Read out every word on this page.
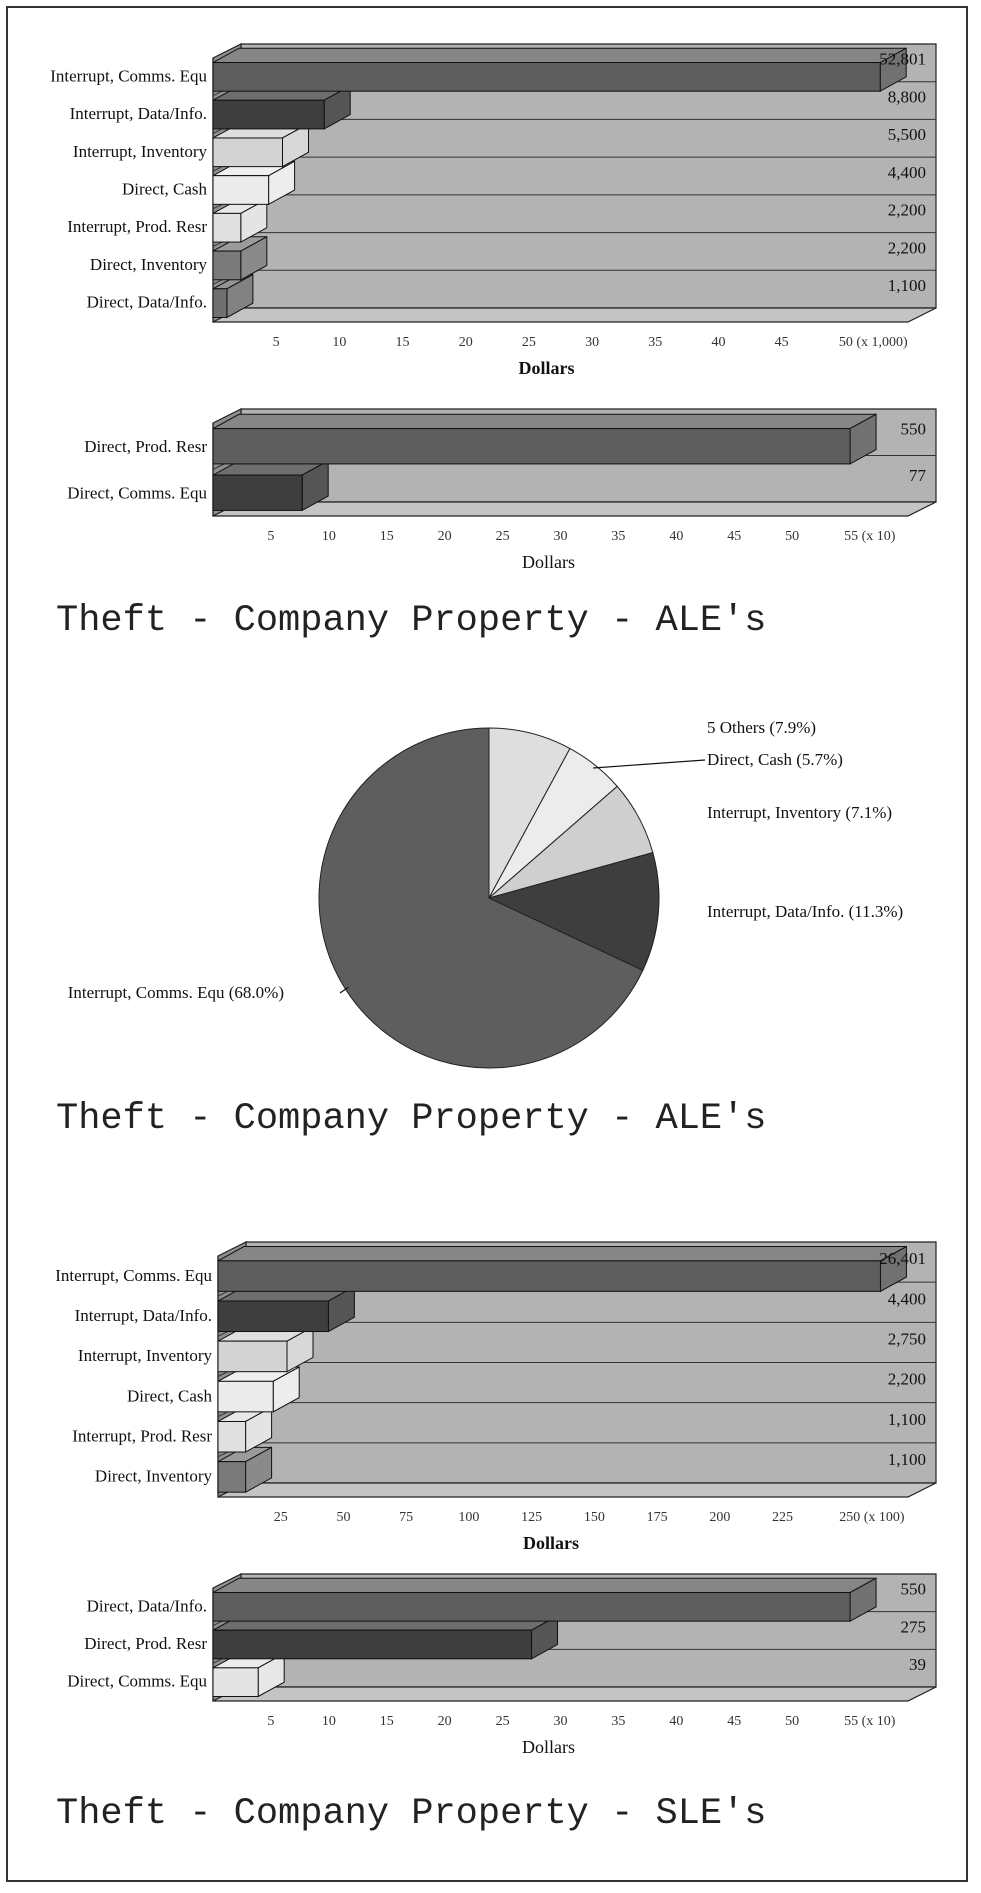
Interrupt, Comms. Equ
Interrupt, Data/Info.
Interrupt, Inventory
Direct, Cash
Interrupt, Prod. Resr
Direct, Inventory
Direct, Data/Info.
52,801
8,800
5,500
4,400
2,200
2,200
1,100
5	10	15	20	25	30	35	40	45	50 (x 1,000)
Dollars
Direct, Prod. Resr
Direct, Comms. Equ
550
77
5	10	15	20	25	30	35	40	45	50	55 (x 10)
Dollars
5 Others (7.9%)
Direct, Cash (5.7%)
Interrupt, Inventory (7.1%)
Interrupt, Data/Info. (11.3%)
Interrupt, Comms. Equ (68.0%)
Interrupt, Comms. Equ
Interrupt, Data/Info.
Interrupt, Inventory
Direct, Cash
Interrupt, Prod. Resr
Direct, Inventory
26,401
4,400
2,750
2,200
1,100
1,100
25	50	75	100	125	150	175	200	225	250 (x 100)
Dollars
Direct, Data/Info.
Direct, Prod. Resr
Direct, Comms. Equ
550
275
39
5	10	15	20	25	30	35	40	45	50	55 (x 10)
Dollars
Theft - Company Property - ALE's
Theft - Company Property - ALE's
Theft - Company Property - SLE's
